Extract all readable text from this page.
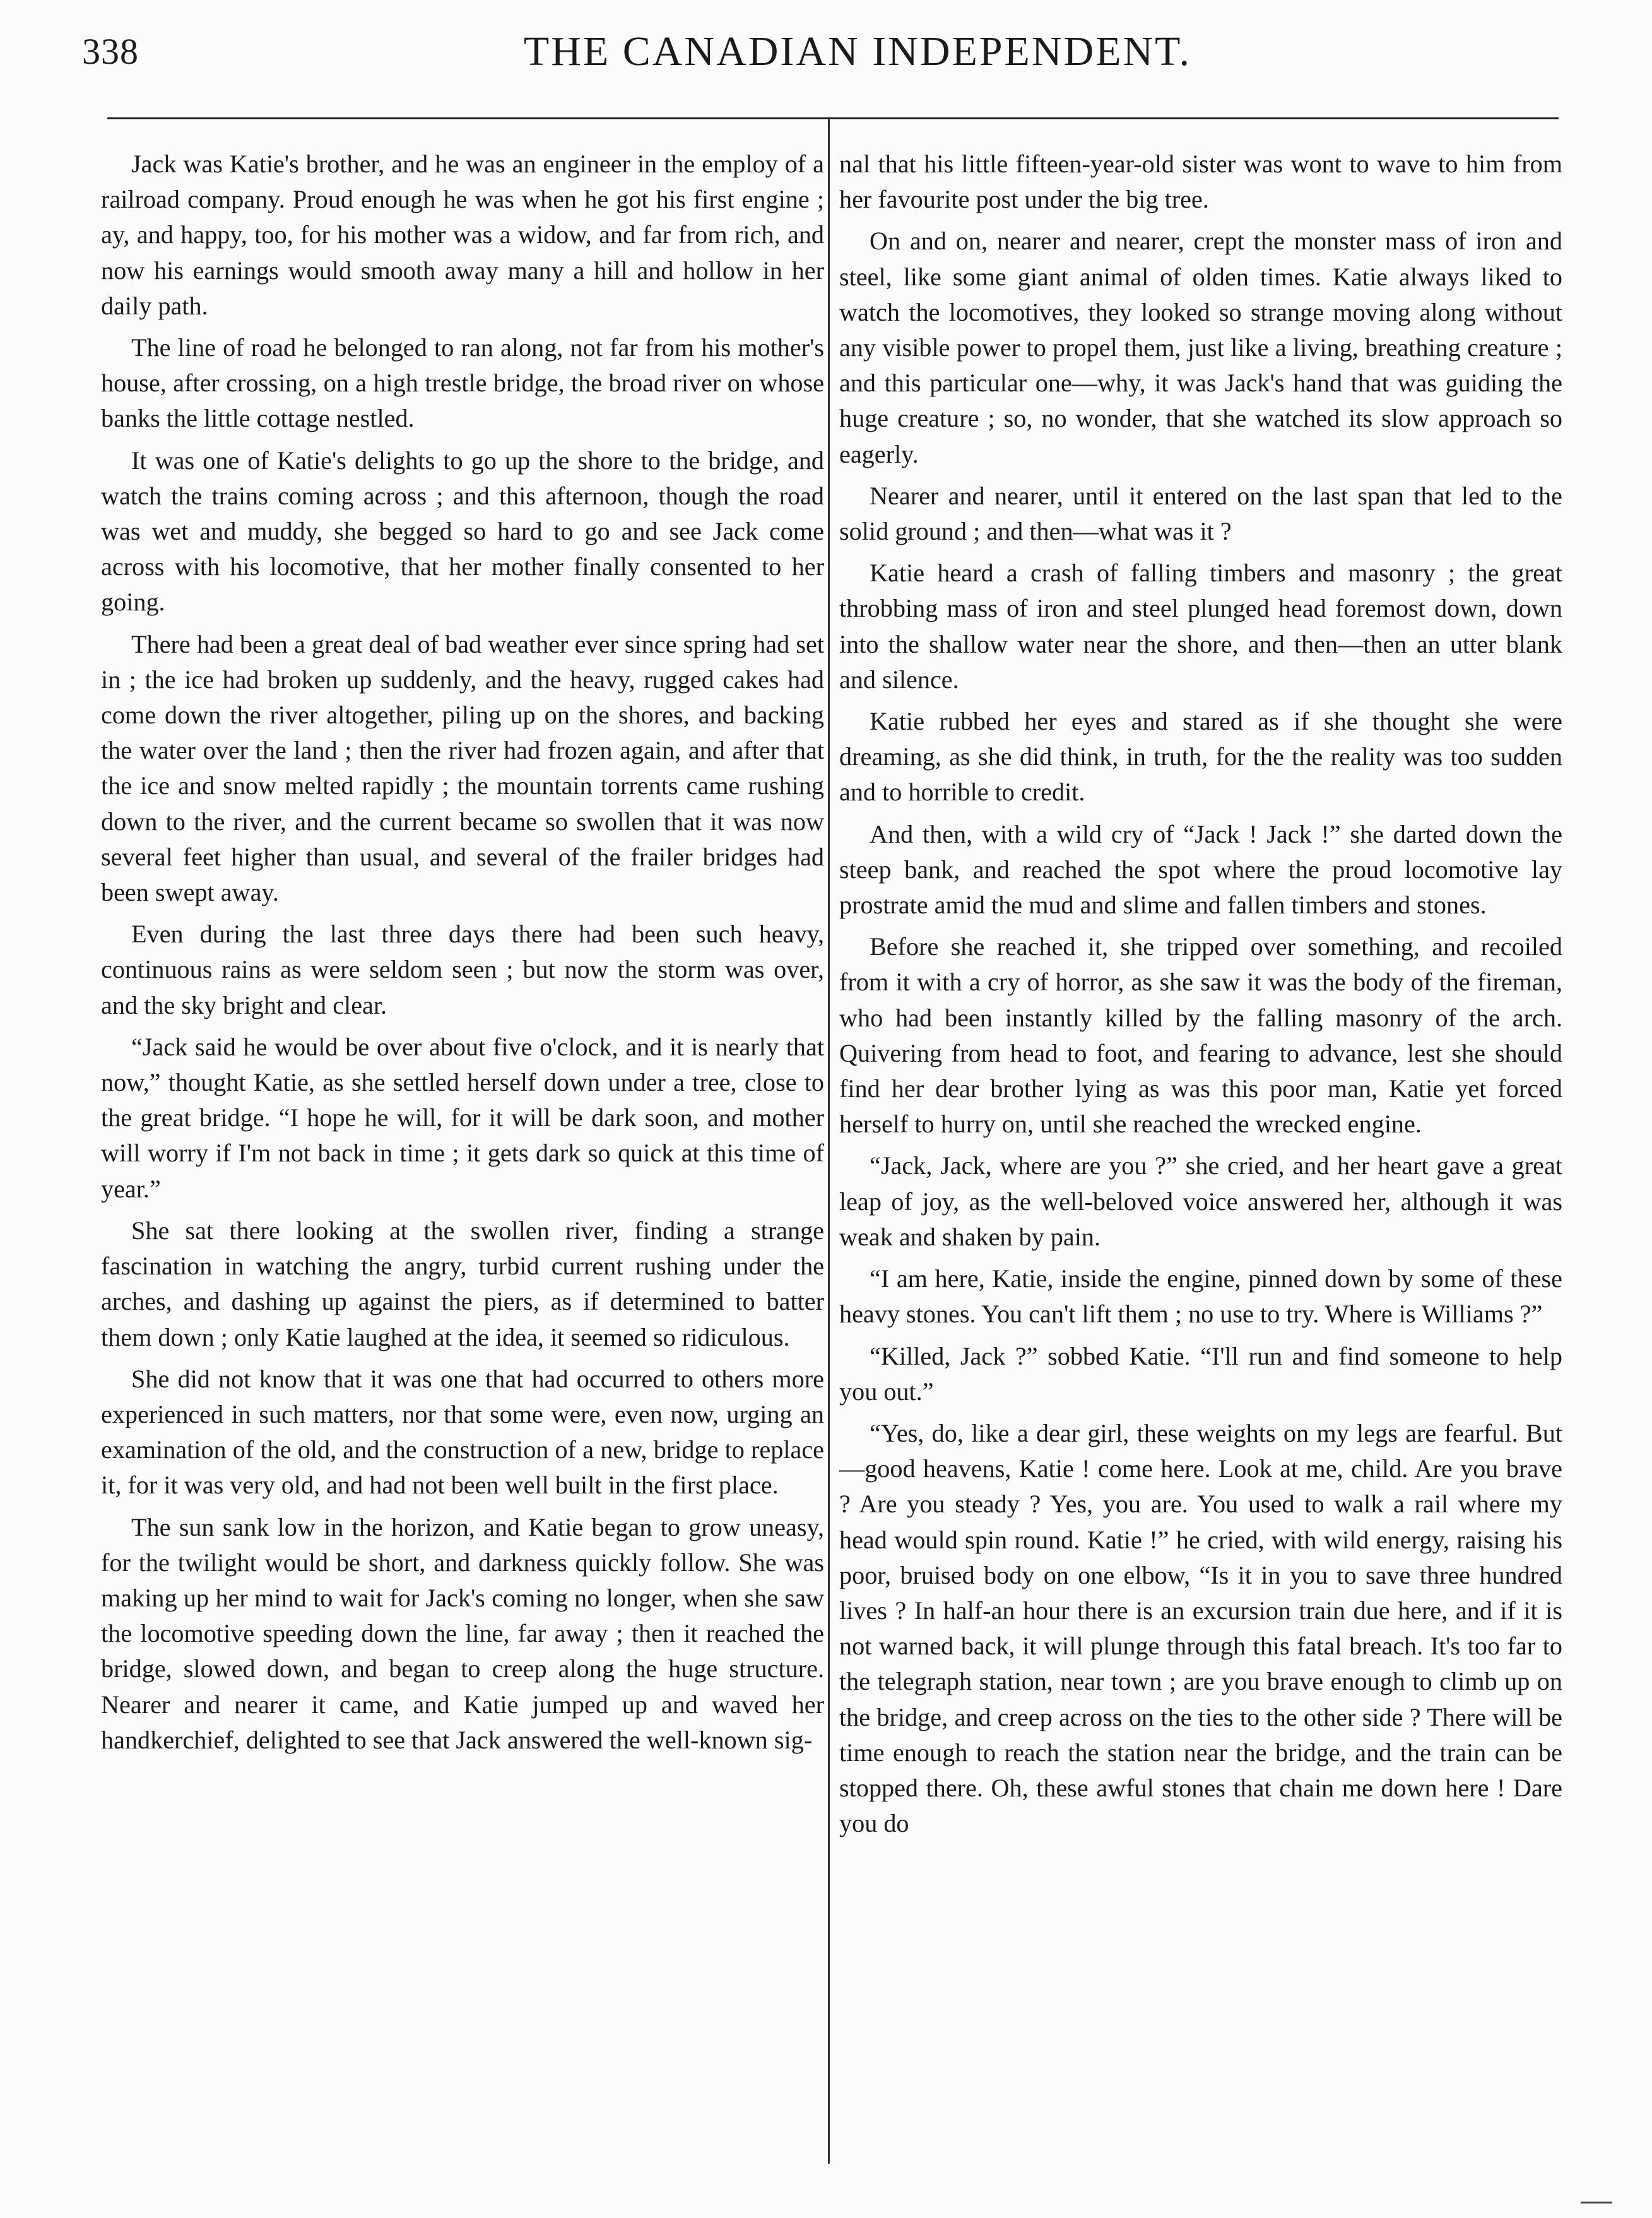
338	THE CANADIAN INDEPENDENT.

Jack was Katie's brother, and he was an engineer in the employ of a railroad company. Proud enough he was when he got his first engine ; ay, and happy, too, for his mother was a widow, and far from rich, and now his earnings would smooth away many a hill and hollow in her daily path.

The line of road he belonged to ran along, not far from his mother's house, after crossing, on a high trestle bridge, the broad river on whose banks the little cottage nestled.

It was one of Katie's delights to go up the shore to the bridge, and watch the trains coming across ; and this afternoon, though the road was wet and muddy, she begged so hard to go and see Jack come across with his locomotive, that her mother finally consented to her going.

There had been a great deal of bad weather ever since spring had set in ; the ice had broken up suddenly, and the heavy, rugged cakes had come down the river altogether, piling up on the shores, and backing the water over the land ; then the river had frozen again, and after that the ice and snow melted rapidly ; the mountain torrents came rushing down to the river, and the current became so swollen that it was now several feet higher than usual, and several of the frailer bridges had been swept away.

Even during the last three days there had been such heavy, continuous rains as were seldom seen ; but now the storm was over, and the sky bright and clear.

“Jack said he would be over about five o'clock, and it is nearly that now,” thought Katie, as she settled herself down under a tree, close to the great bridge. “I hope he will, for it will be dark soon, and mother will worry if I'm not back in time ; it gets dark so quick at this time of year.”

She sat there looking at the swollen river, finding a strange fascination in watching the angry, turbid current rushing under the arches, and dashing up against the piers, as if determined to batter them down ; only Katie laughed at the idea, it seemed so ridiculous.

She did not know that it was one that had occurred to others more experienced in such matters, nor that some were, even now, urging an examination of the old, and the construction of a new, bridge to replace it, for it was very old, and had not been well built in the first place.

The sun sank low in the horizon, and Katie began to grow uneasy, for the twilight would be short, and darkness quickly follow. She was making up her mind to wait for Jack's coming no longer, when she saw the locomotive speeding down the line, far away ; then it reached the bridge, slowed down, and began to creep along the huge structure. Nearer and nearer it came, and Katie jumped up and waved her handkerchief, delighted to see that Jack answered the well-known sig-

nal that his little fifteen-year-old sister was wont to wave to him from her favourite post under the big tree.

On and on, nearer and nearer, crept the monster mass of iron and steel, like some giant animal of olden times. Katie always liked to watch the locomotives, they looked so strange moving along without any visible power to propel them, just like a living, breathing creature ; and this particular one—why, it was Jack's hand that was guiding the huge creature ; so, no wonder, that she watched its slow approach so eagerly.

Nearer and nearer, until it entered on the last span that led to the solid ground ; and then—what was it ?

Katie heard a crash of falling timbers and masonry ; the great throbbing mass of iron and steel plunged head foremost down, down into the shallow water near the shore, and then—then an utter blank and silence.

Katie rubbed her eyes and stared as if she thought she were dreaming, as she did think, in truth, for the the reality was too sudden and to horrible to credit.

And then, with a wild cry of “Jack ! Jack !” she darted down the steep bank, and reached the spot where the proud locomotive lay prostrate amid the mud and slime and fallen timbers and stones.

Before she reached it, she tripped over something, and recoiled from it with a cry of horror, as she saw it was the body of the fireman, who had been instantly killed by the falling masonry of the arch. Quivering from head to foot, and fearing to advance, lest she should find her dear brother lying as was this poor man, Katie yet forced herself to hurry on, until she reached the wrecked engine.

“Jack, Jack, where are you ?” she cried, and her heart gave a great leap of joy, as the well-beloved voice answered her, although it was weak and shaken by pain.

“I am here, Katie, inside the engine, pinned down by some of these heavy stones. You can't lift them ; no use to try. Where is Williams ?”

“Killed, Jack ?” sobbed Katie. “I'll run and find someone to help you out.”

“Yes, do, like a dear girl, these weights on my legs are fearful. But—good heavens, Katie ! come here. Look at me, child. Are you brave ? Are you steady ? Yes, you are. You used to walk a rail where my head would spin round. Katie !” he cried, with wild energy, raising his poor, bruised body on one elbow, “Is it in you to save three hundred lives ? In half-an hour there is an excursion train due here, and if it is not warned back, it will plunge through this fatal breach. It's too far to the telegraph station, near town ; are you brave enough to climb up on the bridge, and creep across on the ties to the other side ? There will be time enough to reach the station near the bridge, and the train can be stopped there. Oh, these awful stones that chain me down here ! Dare you do
